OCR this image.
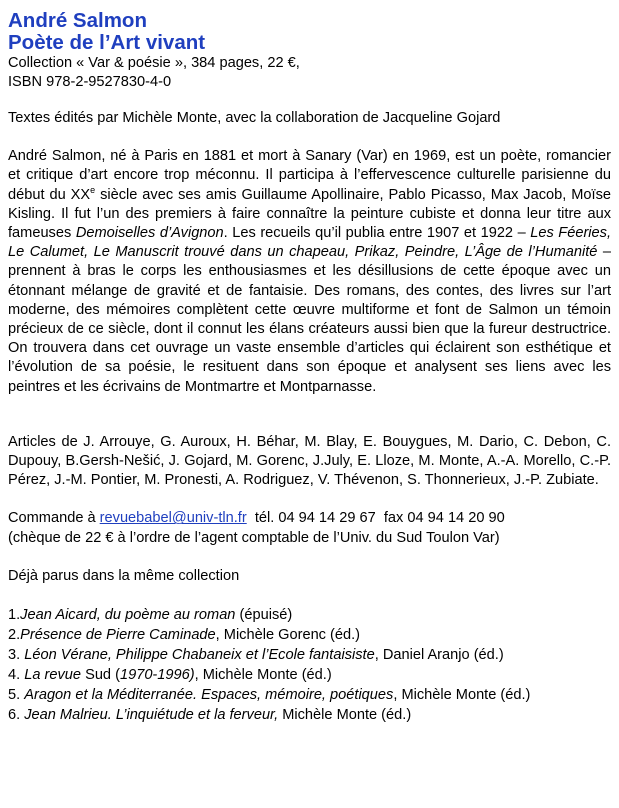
André Salmon
Poète de l’Art vivant

Collection « Var & poésie », 384 pages, 22 €,

ISBN 978-2-9527830-4-0

Textes édités par Michèle Monte, avec la collaboration de Jacqueline Gojard

André Salmon, né à Paris en 1881 et mort à Sanary (Var) en 1969, est un poète, romancier et critique d’art encore trop méconnu. Il participa à l’effervescence culturelle parisienne du début du XXe siècle avec ses amis Guillaume Apollinaire, Pablo Picasso, Max Jacob, Moïse Kisling. Il fut l’un des premiers à faire connaître la peinture cubiste et donna leur titre aux fameuses Demoiselles d’Avignon. Les recueils qu’il publia entre 1907 et 1922 – Les Féeries, Le Calumet, Le Manuscrit trouvé dans un chapeau, Prikaz, Peindre, L’Âge de l’Humanité – prennent à bras le corps les enthousiasmes et les désillusions de cette époque avec un étonnant mélange de gravité et de fantaisie. Des romans, des contes, des livres sur l’art moderne, des mémoires complètent cette œuvre multiforme et font de Salmon un témoin précieux de ce siècle, dont il connut les élans créateurs aussi bien que la fureur destructrice. On trouvera dans cet ouvrage un vaste ensemble d’articles qui éclairent son esthétique et l’évolution de sa poésie, le resituent dans son époque et analysent ses liens avec les peintres et les écrivains de Montmartre et Montparnasse.

Articles de J. Arrouye, G. Auroux, H. Béhar, M. Blay, E. Bouygues, M. Dario, C. Debon, C. Dupouy, B.Gersh-Nešić, J. Gojard, M. Gorenc, J.July, E. Lloze, M. Monte, A.-A. Morello, C.-P. Pérez, J.-M. Pontier, M. Pronesti, A. Rodriguez, V. Thévenon, S. Thonnerieux, J.-P. Zubiate.

Commande à revuebabel@univ-tln.fr  tél. 04 94 14 29 67  fax 04 94 14 20 90

(chèque de 22 € à l’ordre de l’agent comptable de l’Univ. du Sud Toulon Var)

Déjà parus dans la même collection

1.Jean Aicard, du poème au roman (épuisé)
2.Présence de Pierre Caminade, Michèle Gorenc (éd.)
3. Léon Vérane, Philippe Chabaneix et l’Ecole fantaisiste, Daniel Aranjo (éd.)
4. La revue Sud (1970-1996), Michèle Monte (éd.)
5. Aragon et la Méditerranée. Espaces, mémoire, poétiques, Michèle Monte (éd.)
6. Jean Malrieu. L’inquiétude et la ferveur, Michèle Monte (éd.)
